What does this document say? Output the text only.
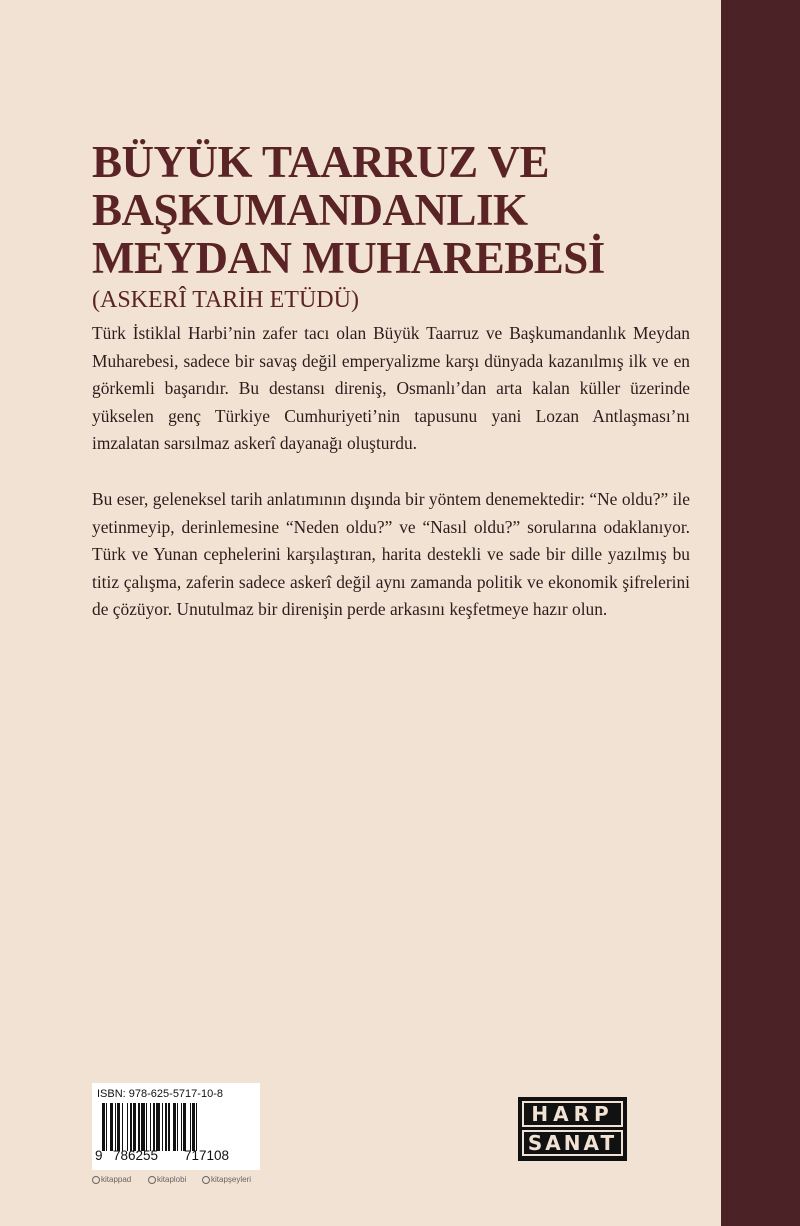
BÜYÜK TAARRUZ VE
BAŞKUMANDANLIK
MEYDAN MUHAREBESİ
(ASKERÎ TARİH ETÜDÜ)

Türk İstiklal Harbi’nin zafer tacı olan Büyük Taarruz ve Başkumandanlık Meydan Muharebesi, sadece bir savaş değil emperyalizme karşı dünyada kazanılmış ilk ve en görkemli başarıdır. Bu destansı direniş, Osmanlı’dan arta kalan küller üzerinde yükselen genç Türkiye Cumhuriyeti’nin tapusunu yani Lozan Antlaşması’nı imzalatan sarsılmaz askerî dayanağı oluşturdu.

Bu eser, geleneksel tarih anlatımının dışında bir yöntem denemektedir: “Ne oldu?” ile yetinmeyip, derinlemesine “Neden oldu?” ve “Nasıl oldu?” sorularına odaklanıyor. Türk ve Yunan cephelerini karşılaştıran, harita destekli ve sade bir dille yazılmış bu titiz çalışma, zaferin sadece askerî değil aynı zamanda politik ve ekonomik şifrelerini de çözüyor. Unutulmaz bir direnişin perde arkasını keşfetmeye hazır olun.

ISBN: 978-625-5717-10-8
9 786255 717108
kitappad	kitaplobi	kitapşeyleri
HARP
SANAT
